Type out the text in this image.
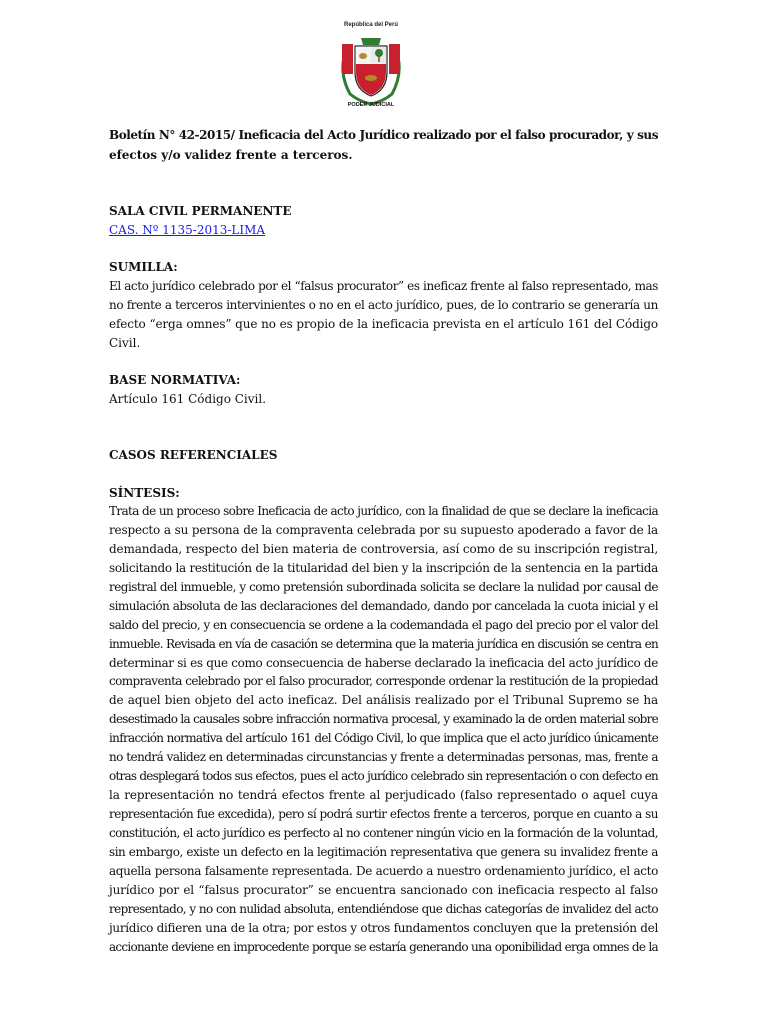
República del Perú
PODER JUDICIAL
Boletín N° 42-2015/ Ineficacia del Acto Jurídico realizado por el falso procurador, y sus
efectos y/o validez frente a terceros.
SALA CIVIL PERMANENTE
CAS. Nº 1135-2013-LIMA
SUMILLA:
El acto jurídico celebrado por el “falsus procurator” es ineficaz frente al falso representado, mas
no frente a terceros intervinientes o no en el acto jurídico, pues, de lo contrario se generaría un
efecto “erga omnes” que no es propio de la ineficacia prevista en el artículo 161 del Código
Civil.
BASE NORMATIVA:
Artículo 161 Código Civil.
CASOS REFERENCIALES
SÍNTESIS:
Trata de un proceso sobre Ineficacia de acto jurídico, con la finalidad de que se declare la ineficacia
respecto a su persona de la compraventa celebrada por su supuesto apoderado a favor de la
demandada, respecto del bien materia de controversia, así como de su inscripción registral,
solicitando la restitución de la titularidad del bien y la inscripción de la sentencia en la partida
registral del inmueble, y como pretensión subordinada solicita se declare la nulidad por causal de
simulación absoluta de las declaraciones del demandado, dando por cancelada la cuota inicial y el
saldo del precio, y en consecuencia se ordene a la codemandada el pago del precio por el valor del
inmueble. Revisada en vía de casación se determina que la materia jurídica en discusión se centra en
determinar si es que como consecuencia de haberse declarado la ineficacia del acto jurídico de
compraventa celebrado por el falso procurador, corresponde ordenar la restitución de la propiedad
de aquel bien objeto del acto ineficaz. Del análisis realizado por el Tribunal Supremo se ha
desestimado la causales sobre infracción normativa procesal, y examinado la de orden material sobre
infracción normativa del artículo 161 del Código Civil, lo que implica que el acto jurídico únicamente
no tendrá validez en determinadas circunstancias y frente a determinadas personas, mas, frente a
otras desplegará todos sus efectos, pues el acto jurídico celebrado sin representación o con defecto en
la representación no tendrá efectos frente al perjudicado (falso representado o aquel cuya
representación fue excedida), pero sí podrá surtir efectos frente a terceros, porque en cuanto a su
constitución, el acto jurídico es perfecto al no contener ningún vicio en la formación de la voluntad,
sin embargo, existe un defecto en la legitimación representativa que genera su invalidez frente a
aquella persona falsamente representada. De acuerdo a nuestro ordenamiento jurídico, el acto
jurídico por el “falsus procurator” se encuentra sancionado con ineficacia respecto al falso
representado, y no con nulidad absoluta, entendiéndose que dichas categorías de invalidez del acto
jurídico difieren una de la otra; por estos y otros fundamentos concluyen que la pretensión del
accionante deviene en improcedente porque se estaría generando una oponibilidad erga omnes de la
